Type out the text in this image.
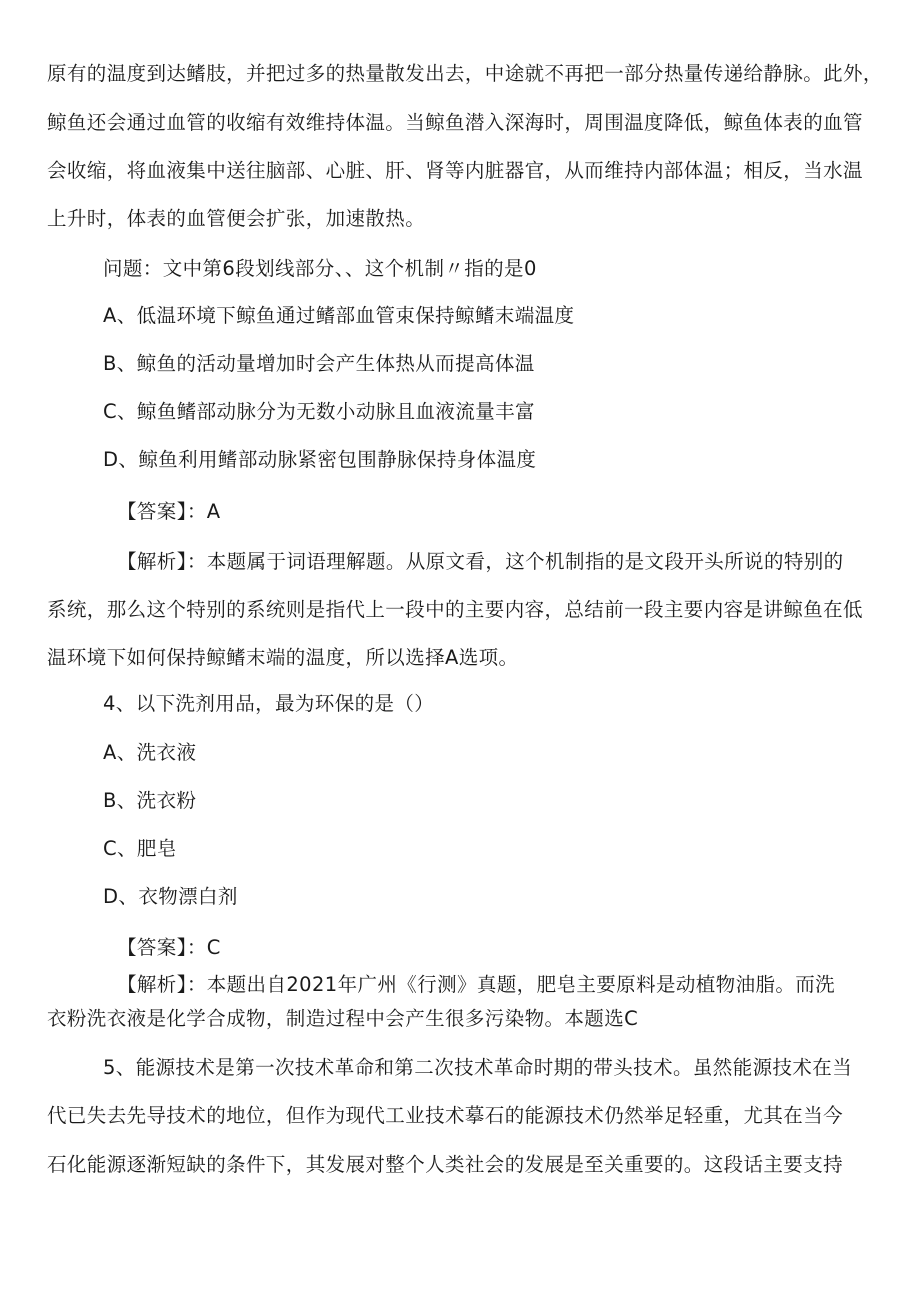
原有的温度到达鳍肢，并把过多的热量散发出去，中途就不再把一部分热量传递给静脉。此外，
鲸鱼还会通过血管的收缩有效维持体温。当鲸鱼潜入深海时，周围温度降低，鲸鱼体表的血管
会收缩，将血液集中送往脑部、心脏、肝、肾等内脏器官，从而维持内部体温；相反，当水温
上升时，体表的血管便会扩张，加速散热。
问题：文中第6段划线部分、、这个机制〃指的是0
A、低温环境下鲸鱼通过鳍部血管束保持鲸鳍末端温度
B、鲸鱼的活动量增加时会产生体热从而提高体温
C、鲸鱼鳍部动脉分为无数小动脉且血液流量丰富
D、鲸鱼利用鳍部动脉紧密包围静脉保持身体温度
【答案】：A
【解析】：本题属于词语理解题。从原文看，这个机制指的是文段开头所说的特别的
系统，那么这个特别的系统则是指代上一段中的主要内容，总结前一段主要内容是讲鲸鱼在低
温环境下如何保持鲸鳍末端的温度，所以选择A选项。
4、以下洗剂用品，最为环保的是（）
A、洗衣液
B、洗衣粉
C、肥皂
D、衣物漂白剂
【答案】：C
【解析】：本题出自2021年广州《行测》真题，肥皂主要原料是动植物油脂。而洗
衣粉洗衣液是化学合成物，制造过程中会产生很多污染物。本题选C
5、能源技术是第一次技术革命和第二次技术革命时期的带头技术。虽然能源技术在当
代已失去先导技术的地位，但作为现代工业技术摹石的能源技术仍然举足轻重，尤其在当今
石化能源逐渐短缺的条件下，其发展对整个人类社会的发展是至关重要的。这段话主要支持
